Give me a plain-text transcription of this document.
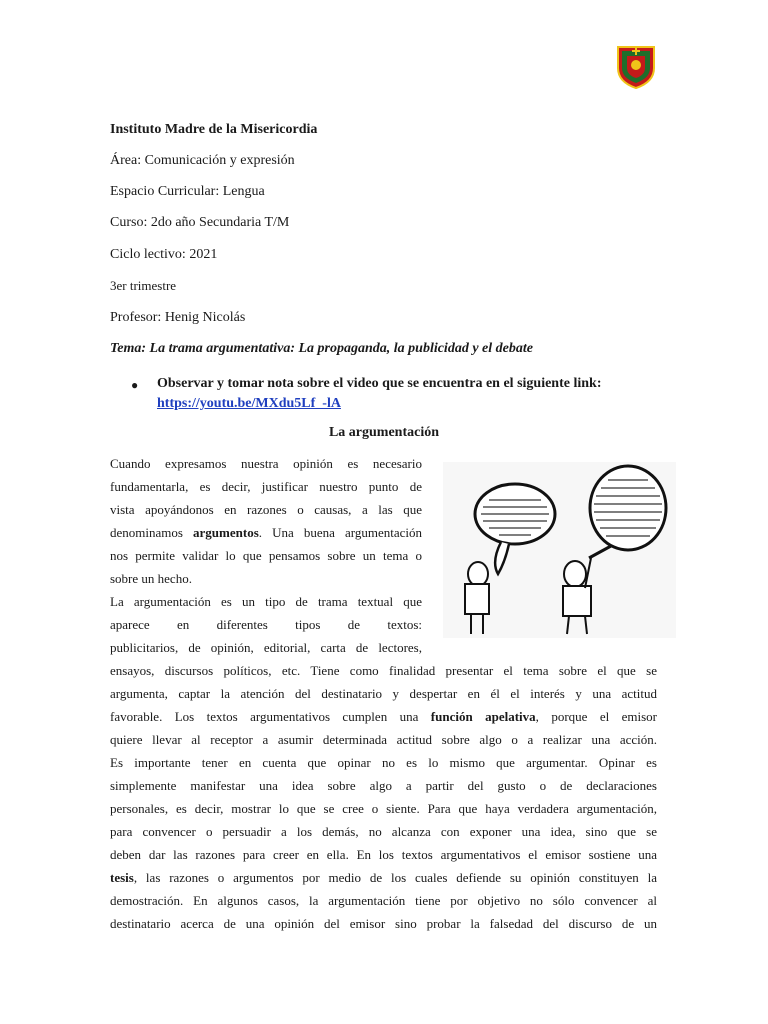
Instituto Madre de la Misericordia
Área: Comunicación y expresión
Espacio Curricular: Lengua
Curso: 2do año Secundaria T/M
Ciclo lectivo: 2021
3er trimestre
Profesor: Henig Nicolás
Tema: La trama argumentativa: La propaganda, la publicidad y el debate
● Observar y tomar nota sobre el video que se encuentra en el siguiente link:
https://youtu.be/MXdu5Lf_-lA
La argumentación
Cuando expresamos nuestra opinión es necesario
fundamentarla, es decir, justificar nuestro punto de
vista apoyándonos en razones o causas, a las que
denominamos argumentos. Una buena argumentación
nos permite validar lo que pensamos sobre un tema o
sobre un hecho.
La argumentación es un tipo de trama textual que
aparece en diferentes tipos de textos:
publicitarios, de opinión, editorial, carta de lectores,
ensayos, discursos políticos, etc. Tiene como finalidad presentar el tema sobre el que se
argumenta, captar la atención del destinatario y despertar en él el interés y una actitud
favorable. Los textos argumentativos cumplen una función apelativa, porque el emisor
quiere llevar al receptor a asumir determinada actitud sobre algo o a realizar una acción.
Es importante tener en cuenta que opinar no es lo mismo que argumentar. Opinar es
simplemente manifestar una idea sobre algo a partir del gusto o de declaraciones
personales, es decir, mostrar lo que se cree o siente. Para que haya verdadera argumentación,
para convencer o persuadir a los demás, no alcanza con exponer una idea, sino que se
deben dar las razones para creer en ella. En los textos argumentativos el emisor sostiene una
tesis, las razones o argumentos por medio de los cuales defiende su opinión constituyen la
demostración. En algunos casos, la argumentación tiene por objetivo no sólo convencer al
destinatario acerca de una opinión del emisor sino probar la falsedad del discurso de un
